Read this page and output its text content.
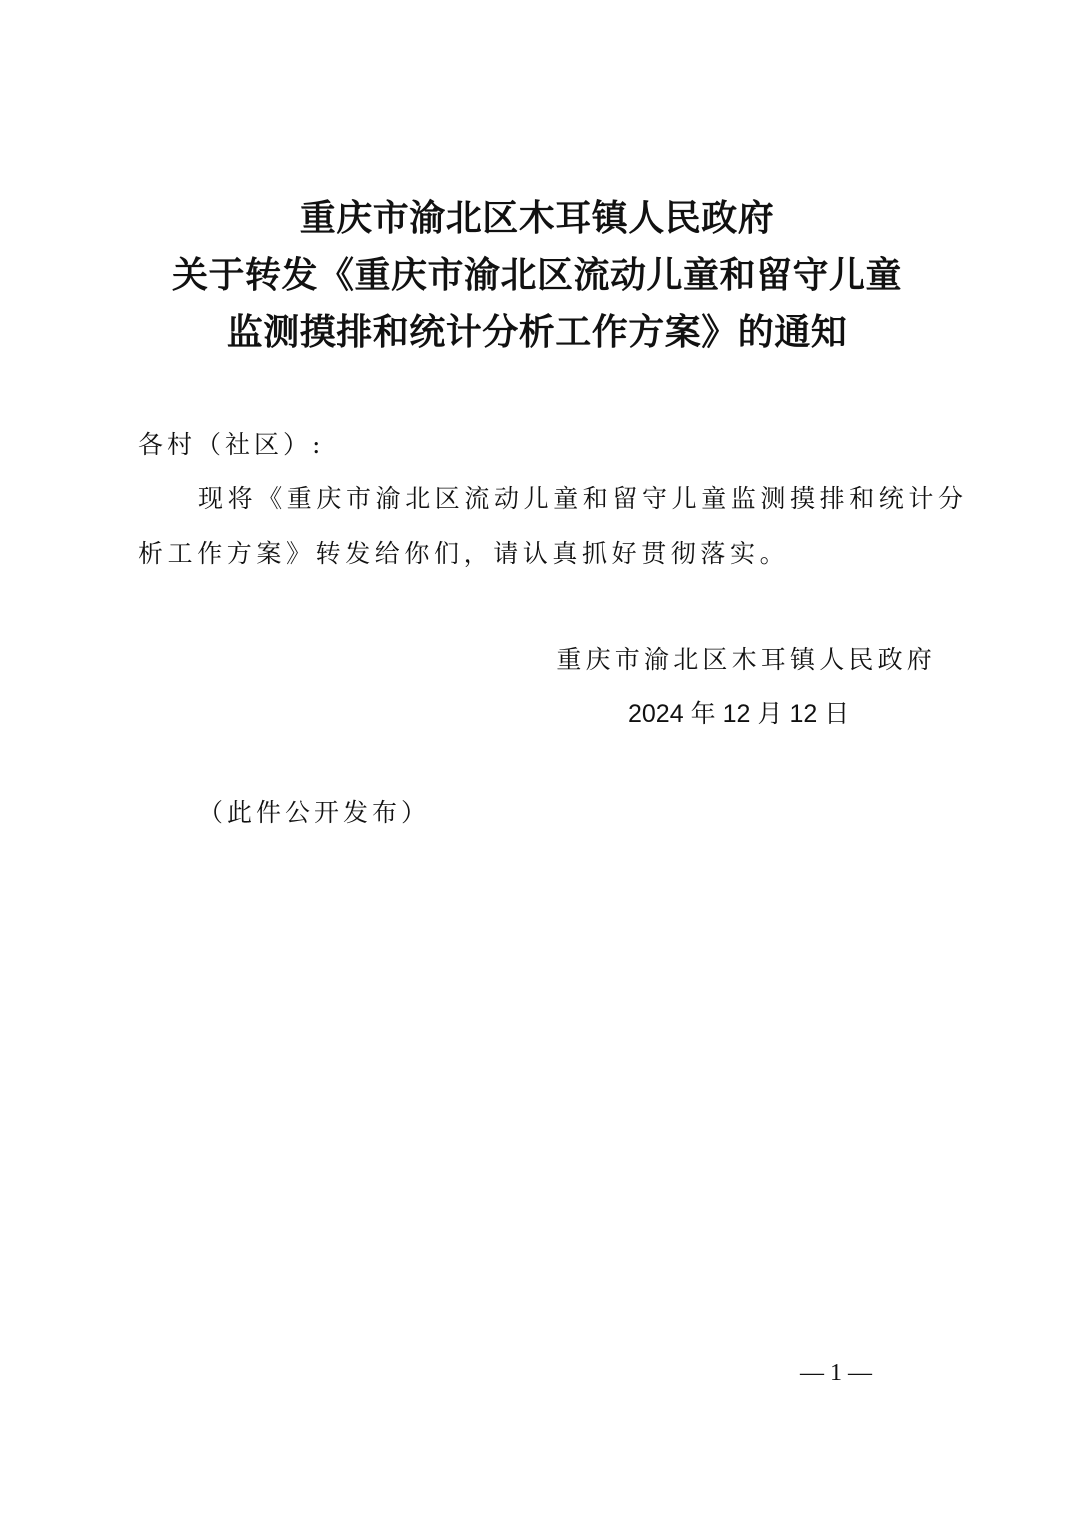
重庆市渝北区木耳镇人民政府
关于转发《重庆市渝北区流动儿童和留守儿童
监测摸排和统计分析工作方案》的通知
各村（社区）:
现将《重庆市渝北区流动儿童和留守儿童监测摸排和统计分
析工作方案》转发给你们，请认真抓好贯彻落实。
重庆市渝北区木耳镇人民政府
2024 年 12 月 12 日
（此件公开发布）
— 1 —
